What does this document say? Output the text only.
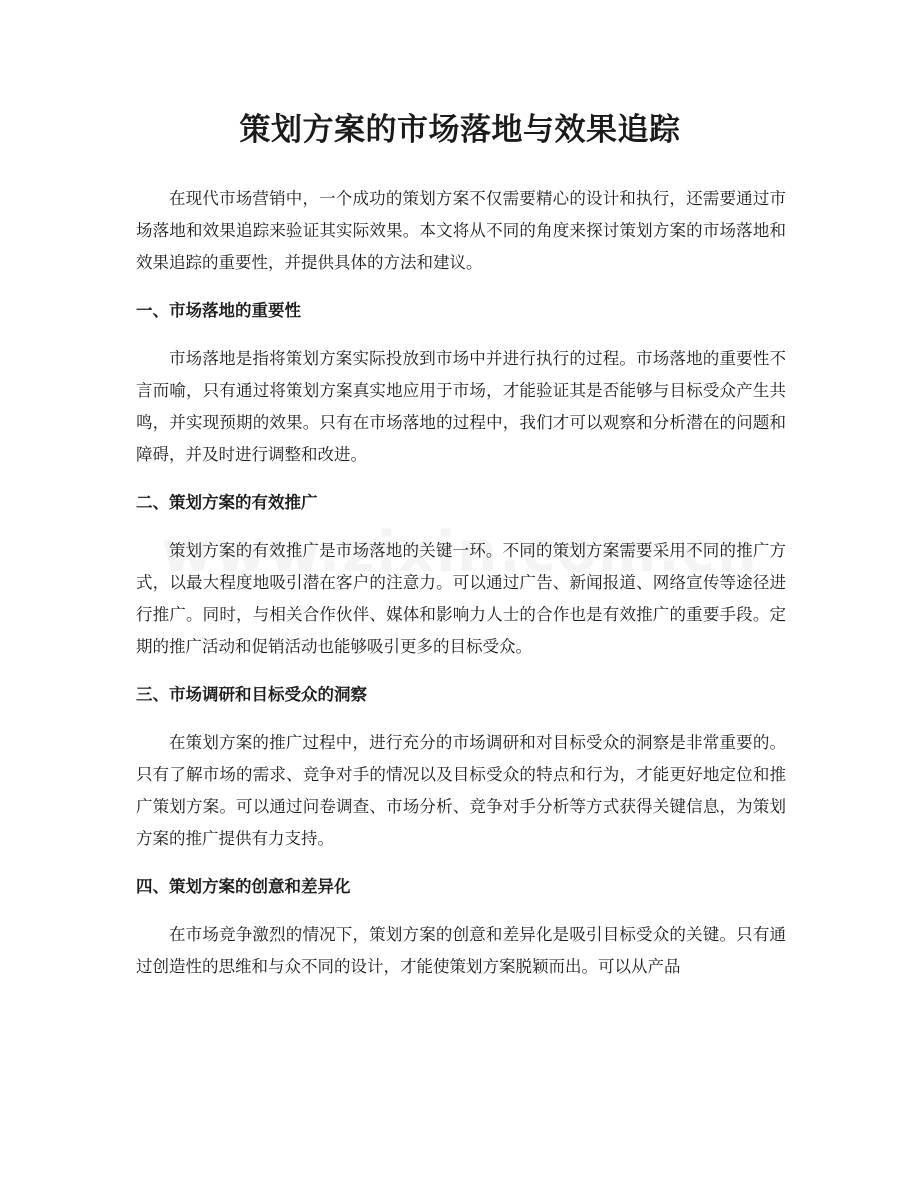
策划方案的市场落地与效果追踪

在现代市场营销中，一个成功的策划方案不仅需要精心的设计和执行，还需要通过市场落地和效果追踪来验证其实际效果。本文将从不同的角度来探讨策划方案的市场落地和效果追踪的重要性，并提供具体的方法和建议。

一、市场落地的重要性

市场落地是指将策划方案实际投放到市场中并进行执行的过程。市场落地的重要性不言而喻，只有通过将策划方案真实地应用于市场，才能验证其是否能够与目标受众产生共鸣，并实现预期的效果。只有在市场落地的过程中，我们才可以观察和分析潜在的问题和障碍，并及时进行调整和改进。

二、策划方案的有效推广

策划方案的有效推广是市场落地的关键一环。不同的策划方案需要采用不同的推广方式，以最大程度地吸引潜在客户的注意力。可以通过广告、新闻报道、网络宣传等途径进行推广。同时，与相关合作伙伴、媒体和影响力人士的合作也是有效推广的重要手段。定期的推广活动和促销活动也能够吸引更多的目标受众。

三、市场调研和目标受众的洞察

在策划方案的推广过程中，进行充分的市场调研和对目标受众的洞察是非常重要的。只有了解市场的需求、竞争对手的情况以及目标受众的特点和行为，才能更好地定位和推广策划方案。可以通过问卷调查、市场分析、竞争对手分析等方式获得关键信息，为策划方案的推广提供有力支持。

四、策划方案的创意和差异化

在市场竞争激烈的情况下，策划方案的创意和差异化是吸引目标受众的关键。只有通过创造性的思维和与众不同的设计，才能使策划方案脱颖而出。可以从产品
